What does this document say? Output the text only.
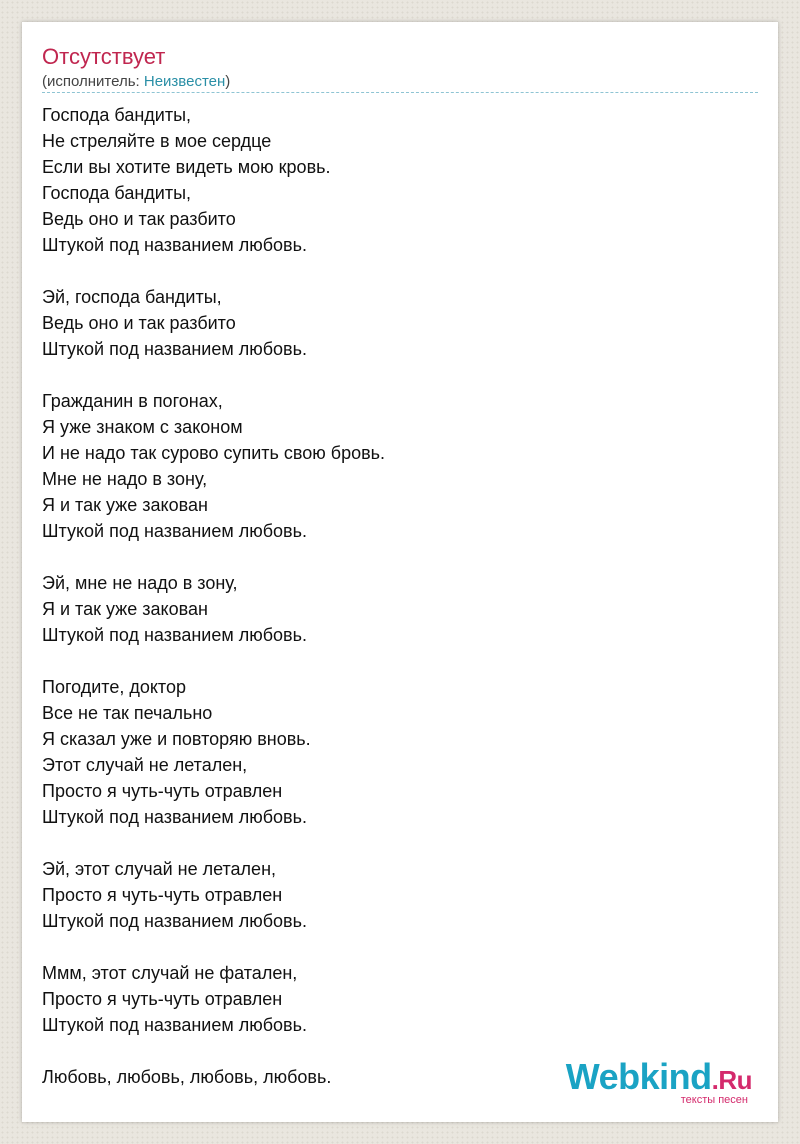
Отсутствует
(исполнитель: Неизвестен)
Господа бандиты,
Не стреляйте в мое сердце
Если вы хотите видеть мою кровь.
Господа бандиты,
Ведь оно и так разбито
Штукой под названием любовь.
Эй, господа бандиты,
Ведь оно и так разбито
Штукой под названием любовь.
Гражданин в погонах,
Я уже знаком с законом
И не надо так сурово супить свою бровь.
Мне не надо в зону,
Я и так уже закован
Штукой под названием любовь.
Эй, мне не надо в зону,
Я и так уже закован
Штукой под названием любовь.
Погодите, доктор
Все не так печально
Я сказал уже и повторяю вновь.
Этот случай не летален,
Просто я чуть-чуть отравлен
Штукой под названием любовь.
Эй, этот случай не летален,
Просто я чуть-чуть отравлен
Штукой под названием любовь.
Ммм, этот случай не фатален,
Просто я чуть-чуть отравлен
Штукой под названием любовь.
Любовь, любовь, любовь, любовь.	Webkind.Ru
тексты песен
